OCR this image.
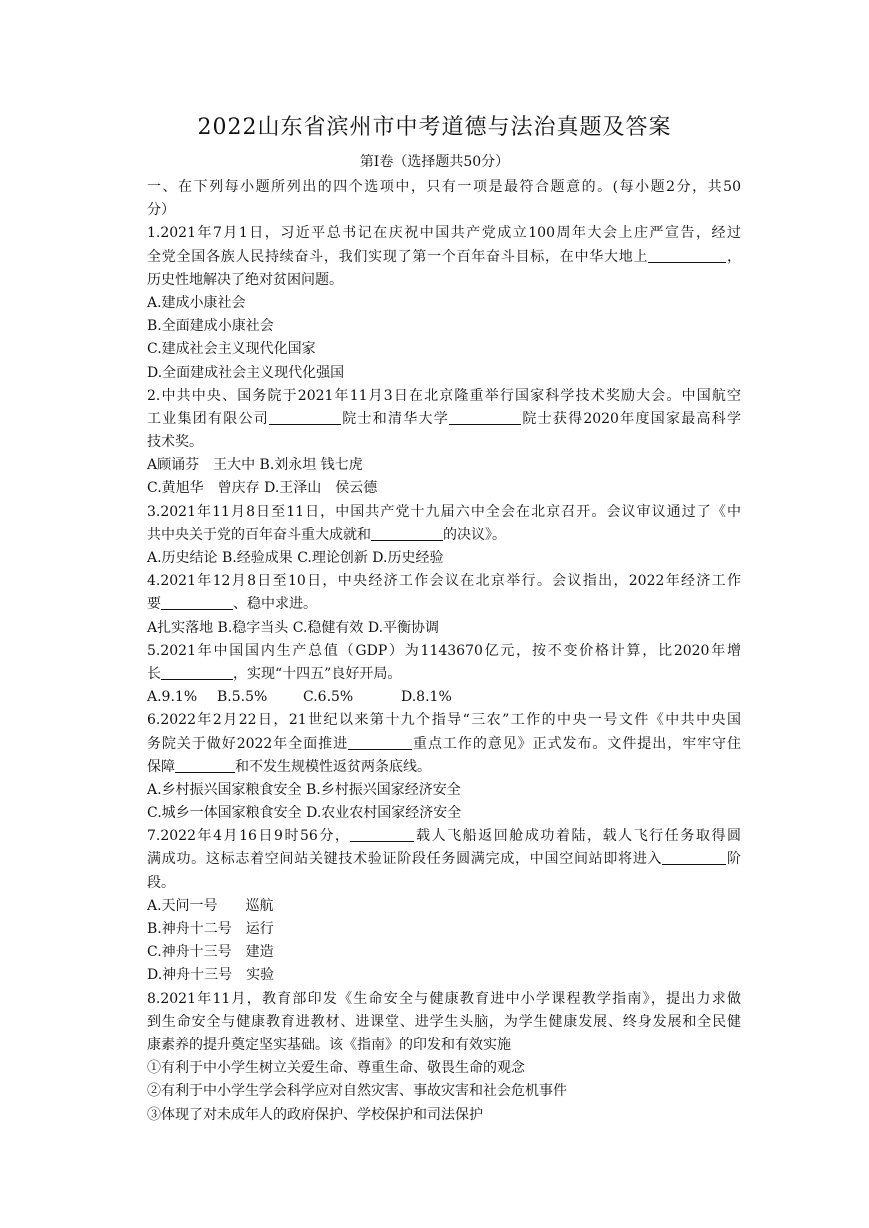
2022山东省滨州市中考道德与法治真题及答案
第Ⅰ卷（选择题共50分）
一、在下列每小题所列出的四个选项中，只有一项是最符合题意的。(每小题2分，共50
分）
1.2021年7月1日，习近平总书记在庆祝中国共产党成立100周年大会上庄严宣告，经过
全党全国各族人民持续奋斗，我们实现了第一个百年奋斗目标，在中华大地上	，
历史性地解决了绝对贫困问题。
A.建成小康社会
B.全面建成小康社会
C.建成社会主义现代化国家
D.全面建成社会主义现代化强国
2.中共中央、国务院于2021年11月3日在北京隆重举行国家科学技术奖励大会。中国航空
工业集团有限公司	院士和清华大学	院士获得2020年度国家最高科学
技术奖。
A顾诵芬　王大中 B.刘永坦 钱七虎
C.黄旭华　曾庆存 D.王泽山　侯云德
3.2021年11月8日至11日，中国共产党十九届六中全会在北京召开。会议审议通过了《中
共中央关于党的百年奋斗重大成就和	的决议》。
A.历史结论 B.经验成果 C.理论创新 D.历史经验
4.2021年12月8日至10日，中央经济工作会议在北京举行。会议指出，2022年经济工作
要	、稳中求进。
A扎实落地 B.稳字当头 C.稳健有效 D.平衡协调
5.2021年中国国内生产总值（GDP）为1143670亿元，按不变价格计算，比2020年增
长	，实现“十四五”良好开局。
A.9.1% B.5.5%	C.6.5%	D.8.1%
6.2022年2月22日，21世纪以来第十九个指导“三农”工作的中央一号文件《中共中央国
务院关于做好2022年全面推进	重点工作的意见》正式发布。文件提出，牢牢守住
保障	和不发生规模性返贫两条底线。
A.乡村振兴国家粮食安全 B.乡村振兴国家经济安全
C.城乡一体国家粮食安全 D.农业农村国家经济安全
7.2022年4月16日9时56分，	载人飞船返回舱成功着陆，载人飞行任务取得圆
满成功。这标志着空间站关键技术验证阶段任务圆满完成，中国空间站即将进入	阶
段。
A.天问一号　　巡航
B.神舟十二号　运行
C.神舟十三号　建造
D.神舟十三号　实验
8.2021年11月，教育部印发《生命安全与健康教育进中小学课程教学指南》，提出力求做
到生命安全与健康教育进教材、进课堂、进学生头脑，为学生健康发展、终身发展和全民健
康素养的提升奠定坚实基础。该《指南》的印发和有效实施
①有利于中小学生树立关爱生命、尊重生命、敬畏生命的观念
②有利于中小学生学会科学应对自然灾害、事故灾害和社会危机事件
③体现了对未成年人的政府保护、学校保护和司法保护
